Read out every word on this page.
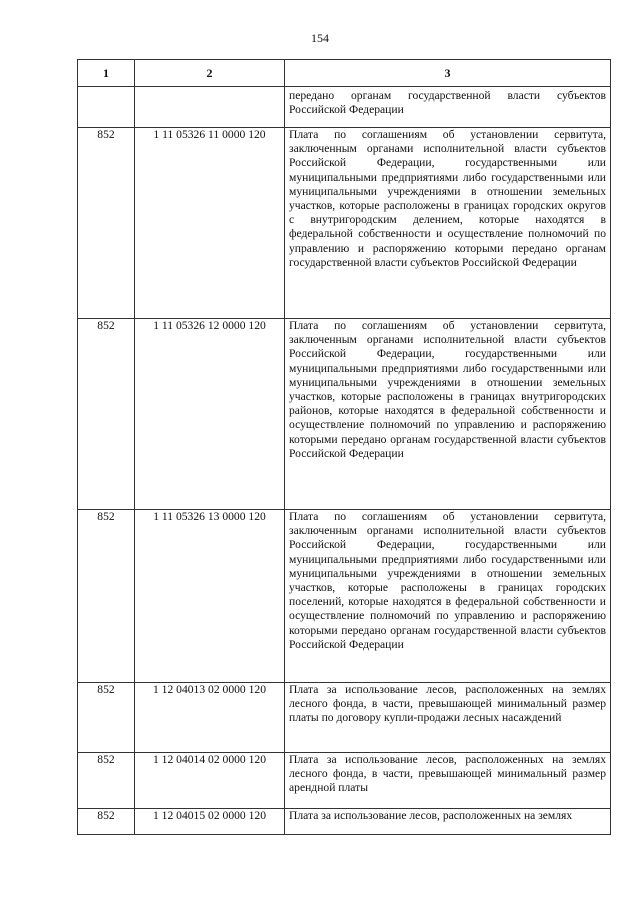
154
1	2	3
		передано органам государственной власти субъектов Российской Федерации
852	1 11 05326 11 0000 120	Плата по соглашениям об установлении сервитута, заключенным органами исполнительной власти субъектов Российской Федерации, государственными или муниципальными предприятиями либо государственными или муниципальными учреждениями в отношении земельных участков, которые расположены в границах городских округов с внутригородским делением, которые находятся в федеральной собственности и осуществление полномочий по управлению и распоряжению которыми передано органам государственной власти субъектов Российской Федерации
852	1 11 05326 12 0000 120	Плата по соглашениям об установлении сервитута, заключенным органами исполнительной власти субъектов Российской Федерации, государственными или муниципальными предприятиями либо государственными или муниципальными учреждениями в отношении земельных участков, которые расположены в границах внутригородских районов, которые находятся в федеральной собственности и осуществление полномочий по управлению и распоряжению которыми передано органам государственной власти субъектов Российской Федерации
852	1 11 05326 13 0000 120	Плата по соглашениям об установлении сервитута, заключенным органами исполнительной власти субъектов Российской Федерации, государственными или муниципальными предприятиями либо государственными или муниципальными учреждениями в отношении земельных участков, которые расположены в границах городских поселений, которые находятся в федеральной собственности и осуществление полномочий по управлению и распоряжению которыми передано органам государственной власти субъектов Российской Федерации
852	1 12 04013 02 0000 120	Плата за использование лесов, расположенных на землях лесного фонда, в части, превышающей минимальный размер платы по договору купли-продажи лесных насаждений
852	1 12 04014 02 0000 120	Плата за использование лесов, расположенных на землях лесного фонда, в части, превышающей минимальный размер арендной платы
852	1 12 04015 02 0000 120	Плата за использование лесов, расположенных на землях
